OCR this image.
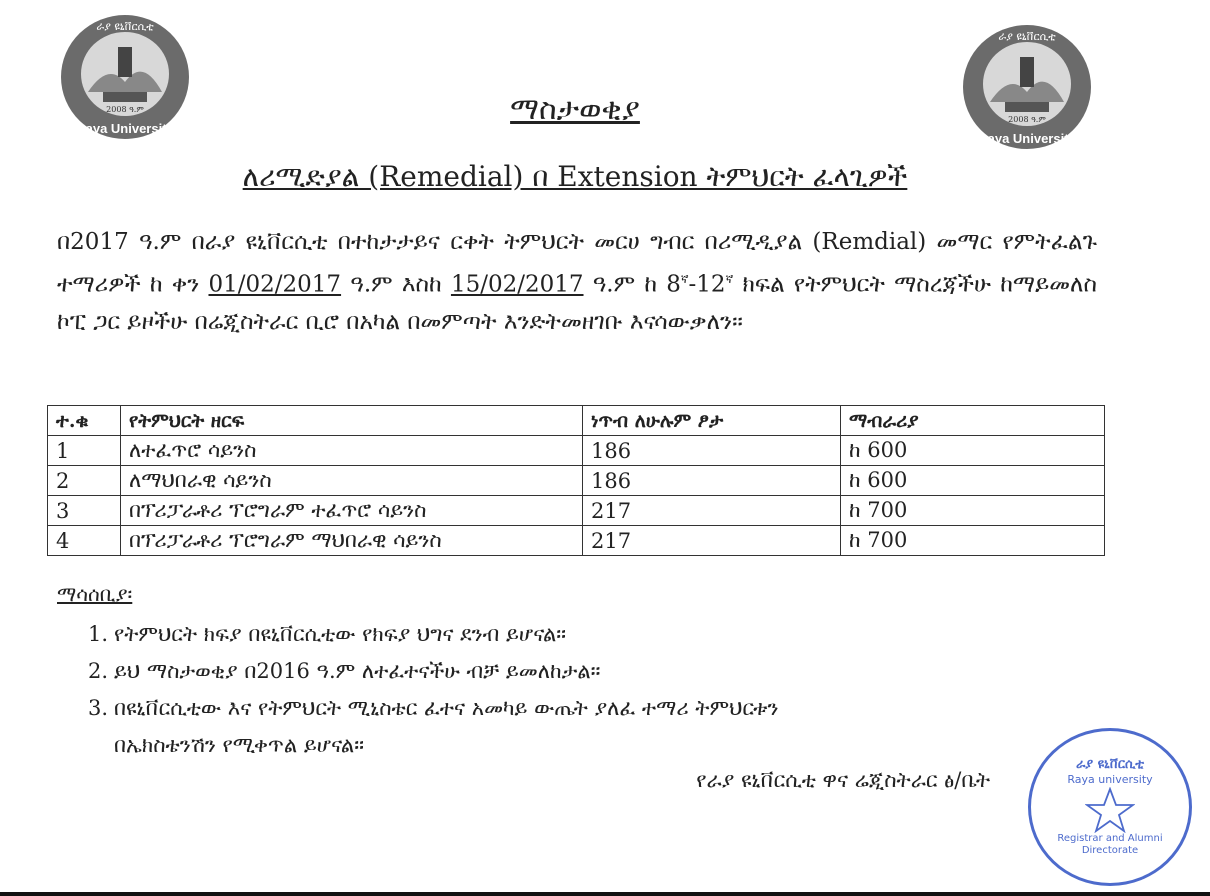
ራያ ዩኒቨርሲቲ
2008 ዓ.ም
Raya University
ራያ ዩኒቨርሲቲ
2008 ዓ.ም
Raya University
ማስታወቂያ
ለሪሚድያል (Remedial) በ Extension ትምህርት ፈላጊዎች
በ2017 ዓ.ም በራያ ዩኒቨርሲቲ በተከታታይና ርቀት ትምህርት መርሀ ግብር በሪሚዲያል (Remdial) መማር የምትፈልጉ ተማሪዎች ከ ቀን 01/02/2017 ዓ.ም እስከ 15/02/2017 ዓ.ም ከ $8^ኛ-12^ኛ$ ክፍል የትምህርት ማስረጃችሁ ከማይመለስ ኮፒ ጋር ይዞችሁ በሬጂስትራር ቢሮ በአካል በመምጣት እንድትመዘገቡ እናሳውቃለን።
ተ.ቁ	የትምህርት ዘርፍ	ነጥብ ለሁሉም ፆታ	ማብራሪያ
1	ለተፈጥሮ ሳይንስ	186	ከ 600
2	ለማህበራዊ ሳይንስ	186	ከ 600
3	በፕሪፓራቶሪ ፕሮግራም ተፈጥሮ ሳይንስ	217	ከ 700
4	በፕሪፓራቶሪ ፕሮግራም ማህበራዊ ሳይንስ	217	ከ 700
ማሳሰቢያ፡
1. የትምህርት ክፍያ በዩኒቨርሲቲው የክፍያ ህግና ደንብ ይሆናል።
2. ይህ ማስታወቂያ በ2016 ዓ.ም ለተፈተናችሁ ብቻ ይመለከታል።
3. በዩኒቨርሲቲው እና የትምህርት ሚኒስቴር ፈተና አመካይ ውጤት ያለፈ ተማሪ ትምህርቱን
በኤክስቴንሽን የሚቀጥል ይሆናል።
ራያ ዩኒቨርሲቲ
Raya university
Registrar and Alumni Directorate
የራያ ዩኒቨርሲቲ ዋና ሬጂስትራር ፅ/ቤት
